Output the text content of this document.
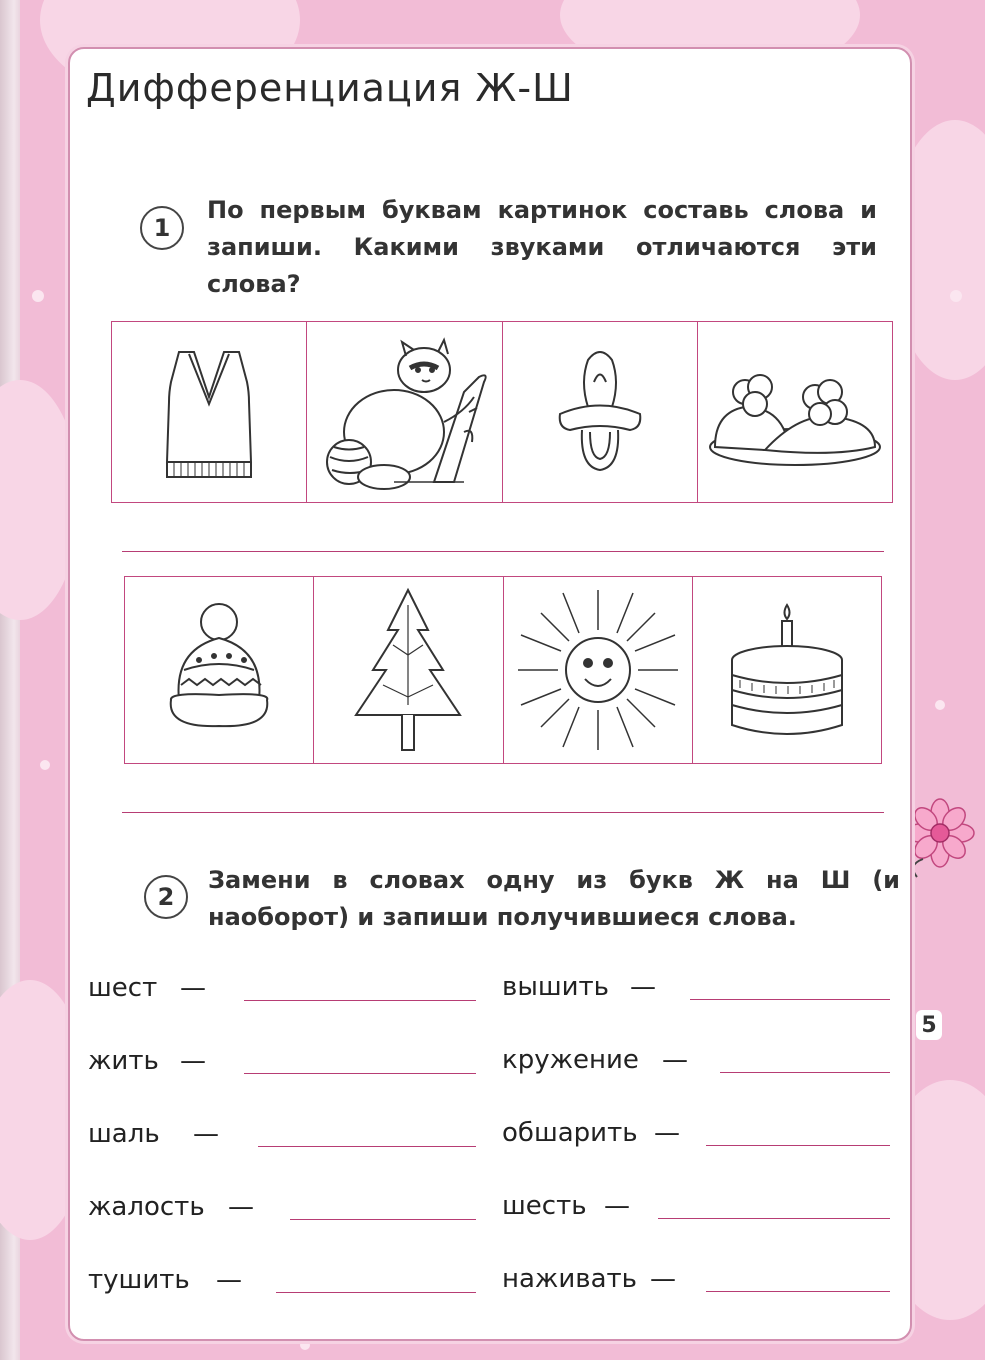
Дифференциация Ж-Ш
1

По первым буквам картинок составь слова и запиши. Какими звуками отличаются эти слова?

2

Замени в словах одну из букв Ж на Ш (и наоборот) и запиши получившиеся слова.

шест —
жить —
шаль —
жалость —
тушить —
вышить —
кружение —
обшарить —
шесть —
наживать —
5
